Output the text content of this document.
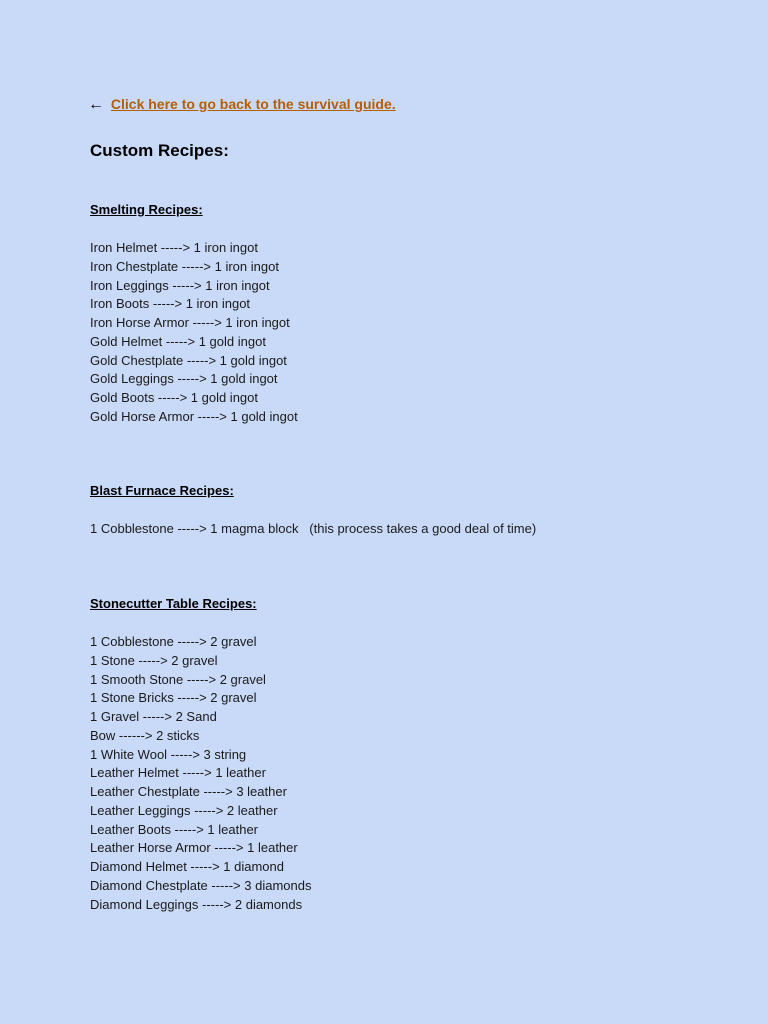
← Click here to go back to the survival guide.
Custom Recipes:
Smelting Recipes:
Iron Helmet -----> 1 iron ingot
Iron Chestplate -----> 1 iron ingot
Iron Leggings -----> 1 iron ingot
Iron Boots -----> 1 iron ingot
Iron Horse Armor -----> 1 iron ingot
Gold Helmet -----> 1 gold ingot
Gold Chestplate -----> 1 gold ingot
Gold Leggings -----> 1 gold ingot
Gold Boots -----> 1 gold ingot
Gold Horse Armor -----> 1 gold ingot
Blast Furnace Recipes:
1 Cobblestone -----> 1 magma block   (this process takes a good deal of time)
Stonecutter Table Recipes:
1 Cobblestone -----> 2 gravel
1 Stone -----> 2 gravel
1 Smooth Stone -----> 2 gravel
1 Stone Bricks -----> 2 gravel
1 Gravel -----> 2 Sand
Bow ------> 2 sticks
1 White Wool -----> 3 string
Leather Helmet -----> 1 leather
Leather Chestplate -----> 3 leather
Leather Leggings -----> 2 leather
Leather Boots -----> 1 leather
Leather Horse Armor -----> 1 leather
Diamond Helmet -----> 1 diamond
Diamond Chestplate -----> 3 diamonds
Diamond Leggings -----> 2 diamonds
